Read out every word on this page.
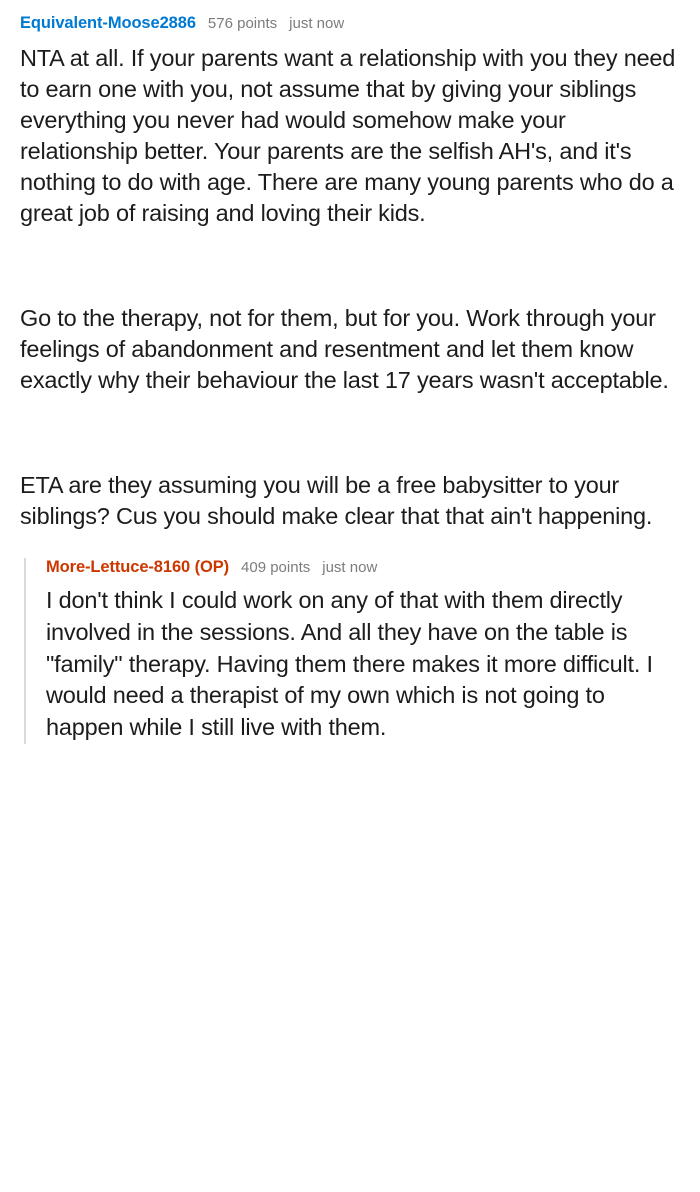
Equivalent-Moose2886 576 points just now

NTA at all. If your parents want a relationship with you they need to earn one with you, not assume that by giving your siblings everything you never had would somehow make your relationship better. Your parents are the selfish AH's, and it's nothing to do with age. There are many young parents who do a great job of raising and loving their kids.

Go to the therapy, not for them, but for you. Work through your feelings of abandonment and resentment and let them know exactly why their behaviour the last 17 years wasn't acceptable.

ETA are they assuming you will be a free babysitter to your siblings? Cus you should make clear that that ain't happening.

More-Lettuce-8160 (OP) 409 points just now

I don't think I could work on any of that with them directly involved in the sessions. And all they have on the table is "family" therapy. Having them there makes it more difficult. I would need a therapist of my own which is not going to happen while I still live with them.
